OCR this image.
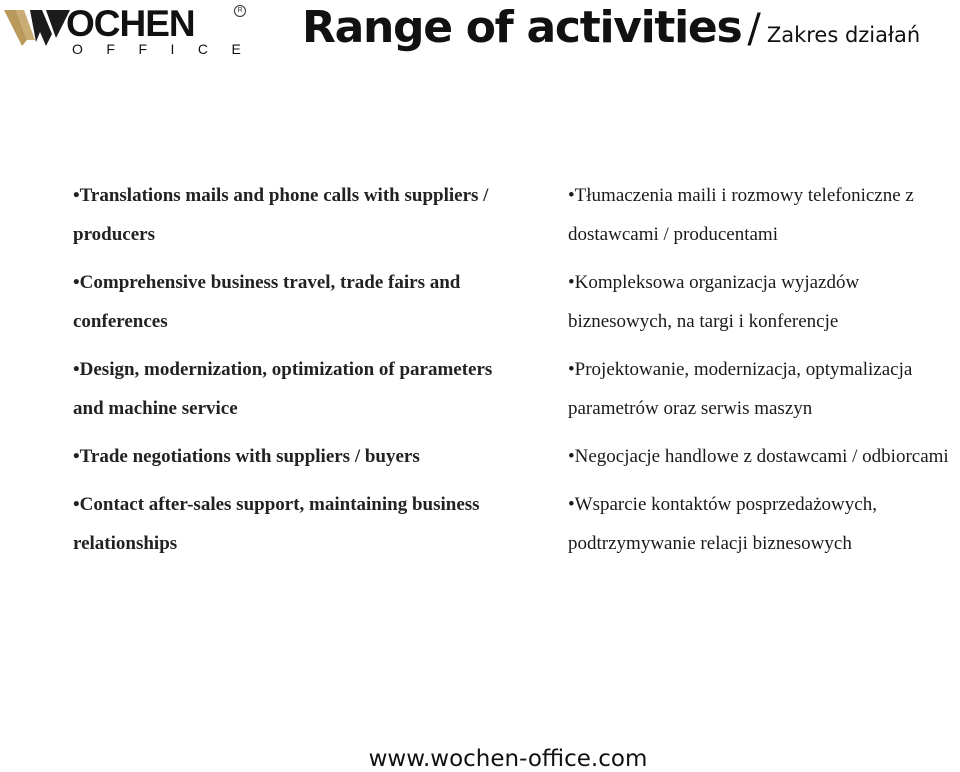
OCHEN
OFFICE
R Range of activities / Zakres działań
•Translations mails and phone calls with suppliers / producers
•Comprehensive business travel, trade fairs and conferences
•Design, modernization, optimization of parameters and machine service
•Trade negotiations with suppliers / buyers
•Contact after-sales support, maintaining business relationships
•Tłumaczenia maili i rozmowy telefoniczne z dostawcami / producentami
•Kompleksowa organizacja wyjazdów biznesowych, na targi i konferencje
•Projektowanie, modernizacja, optymalizacja parametrów oraz serwis maszyn
•Negocjacje handlowe z dostawcami / odbiorcami
•Wsparcie kontaktów posprzedażowych, podtrzymywanie relacji biznesowych
www.wochen-office.com
